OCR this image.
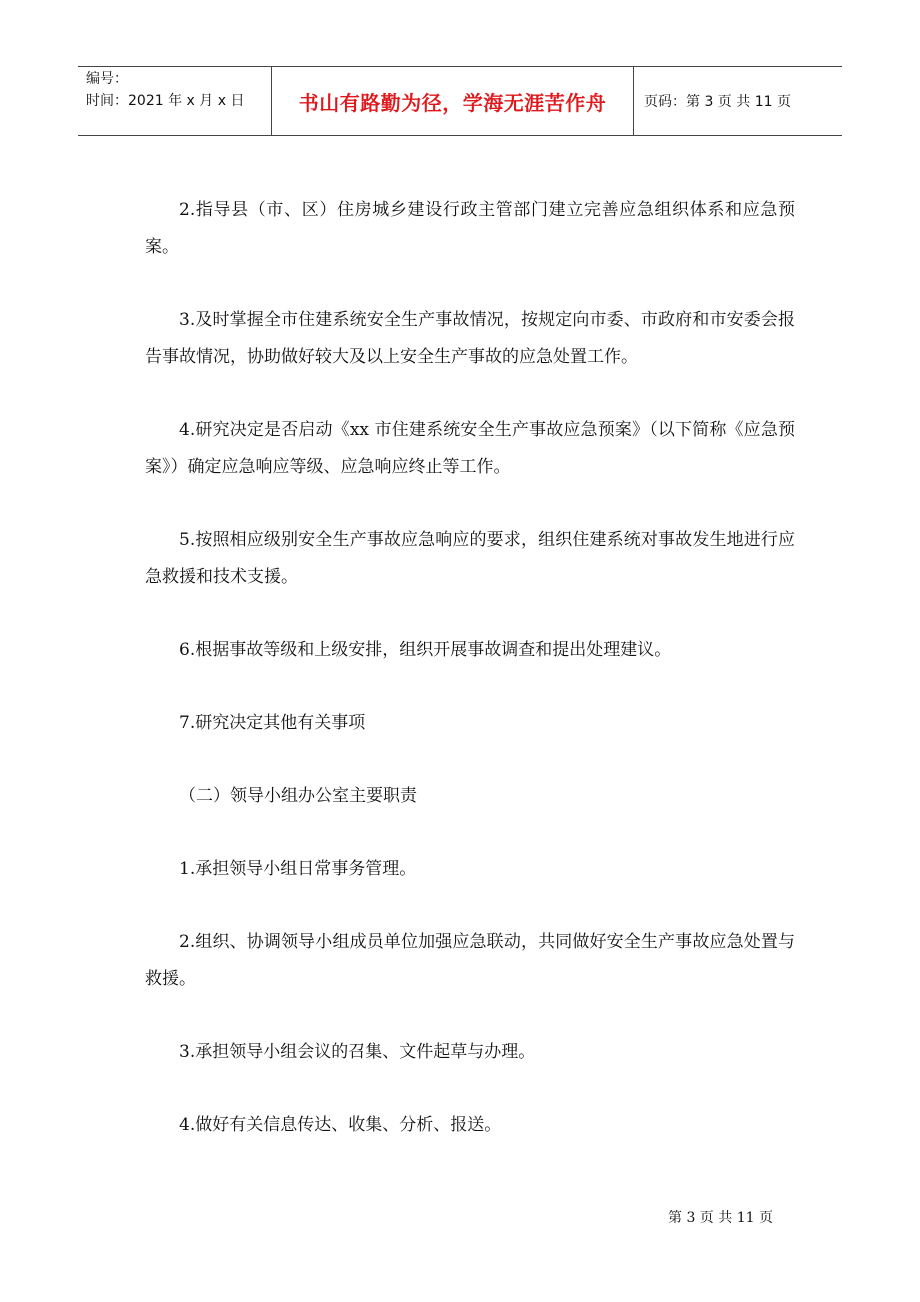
编号：
时间：2021 年 x 月 x 日	书山有路勤为径，学海无涯苦作舟	页码：第 3 页 共 11 页

2.指导县（市、区）住房城乡建设行政主管部门建立完善应急组织体系和应急预案。

3.及时掌握全市住建系统安全生产事故情况，按规定向市委、市政府和市安委会报告事故情况，协助做好较大及以上安全生产事故的应急处置工作。

4.研究决定是否启动《xx 市住建系统安全生产事故应急预案》（以下简称《应急预案》）确定应急响应等级、应急响应终止等工作。

5.按照相应级别安全生产事故应急响应的要求，组织住建系统对事故发生地进行应急救援和技术支援。

6.根据事故等级和上级安排，组织开展事故调查和提出处理建议。

7.研究决定其他有关事项

（二）领导小组办公室主要职责

1.承担领导小组日常事务管理。

2.组织、协调领导小组成员单位加强应急联动，共同做好安全生产事故应急处置与救援。

3.承担领导小组会议的召集、文件起草与办理。

4.做好有关信息传达、收集、分析、报送。

第 3 页 共 11 页
